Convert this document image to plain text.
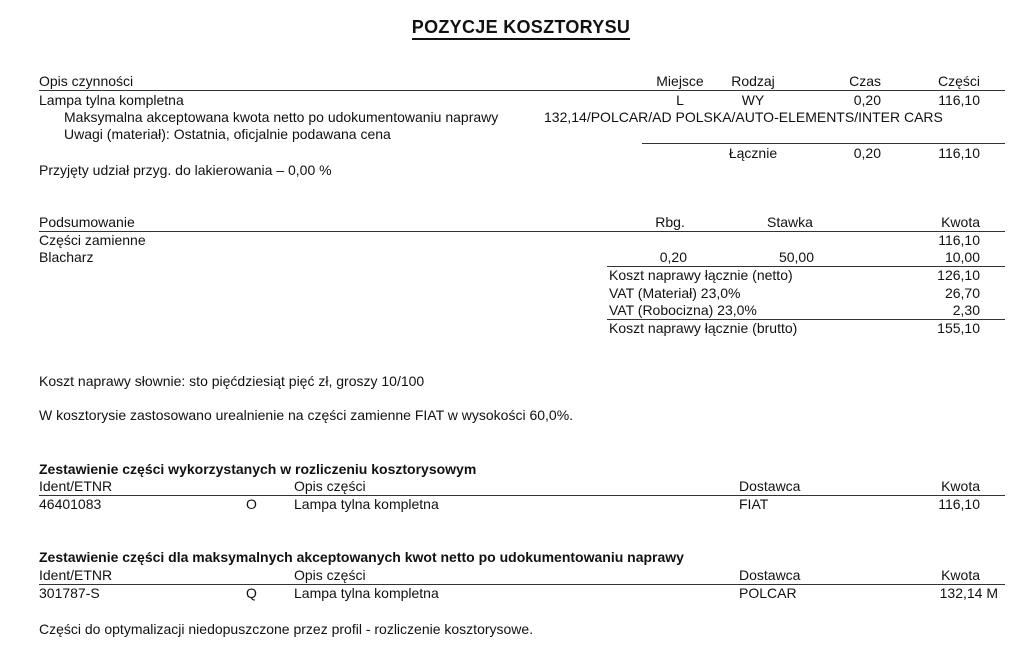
POZYCJE KOSZTORYSU
Opis czynności	Miejsce	Rodzaj	Czas	Części
Lampa tylna kompletna	L	WY	0,20	116,10
Maksymalna akceptowana kwota netto po udokumentowaniu naprawy	132,14/POLCAR/AD POLSKA/AUTO-ELEMENTS/INTER CARS
Uwagi (materiał): Ostatnia, oficjalnie podawana cena
Łącznie	0,20	116,10
Przyjęty udział przyg. do lakierowania – 0,00 %
Podsumowanie	Rbg.	Stawka	Kwota
Części zamienne	116,10
Blacharz	0,20	50,00	10,00
Koszt naprawy łącznie (netto)	126,10
VAT (Materiał) 23,0%	26,70
VAT (Robocizna) 23,0%	2,30
Koszt naprawy łącznie (brutto)	155,10
Koszt naprawy słownie: sto pięćdziesiąt pięć zł, groszy 10/100
W kosztorysie zastosowano urealnienie na części zamienne FIAT w wysokości 60,0%.
Zestawienie części wykorzystanych w rozliczeniu kosztorysowym
Ident/ETNR	Opis części	Dostawca	Kwota
46401083	O	Lampa tylna kompletna	FIAT	116,10
Zestawienie części dla maksymalnych akceptowanych kwot netto po udokumentowaniu naprawy
Ident/ETNR	Opis części	Dostawca	Kwota
301787-S	Q	Lampa tylna kompletna	POLCAR	132,14 M
Części do optymalizacji niedopuszczone przez profil - rozliczenie kosztorysowe.
